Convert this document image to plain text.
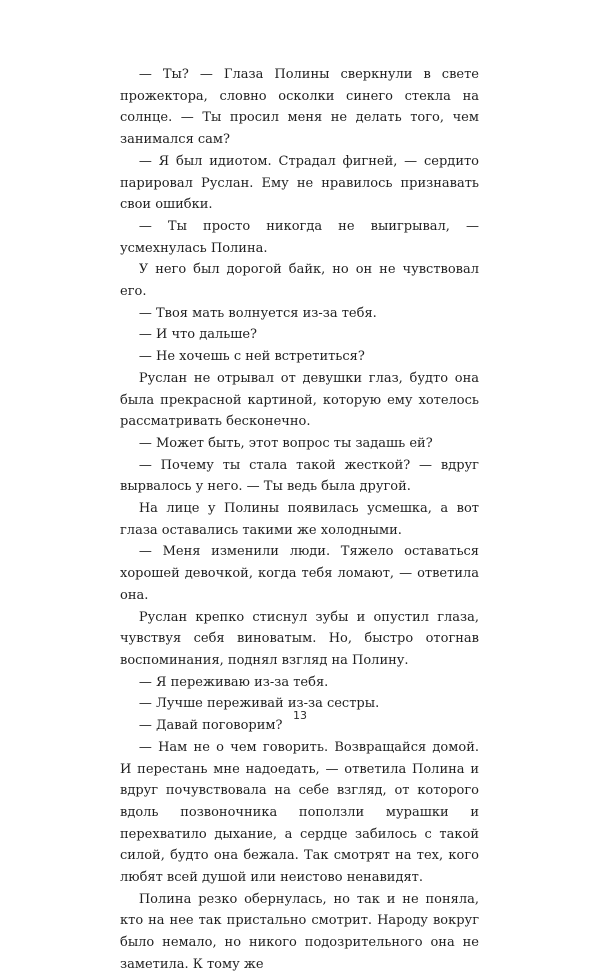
— Ты? — Глаза Полины сверкнули в свете прожектора, словно осколки синего стекла на солнце. — Ты просил меня не делать того, чем занимался сам?

— Я был идиотом. Страдал фигней, — сердито парировал Руслан. Ему не нравилось признавать свои ошибки.

— Ты просто никогда не выигрывал, — усмехнулась Полина.

У него был дорогой байк, но он не чувствовал его.

— Твоя мать волнуется из-за тебя.

— И что дальше?

— Не хочешь с ней встретиться?

Руслан не отрывал от девушки глаз, будто она была прекрасной картиной, которую ему хотелось рассматривать бесконечно.

— Может быть, этот вопрос ты задашь ей?

— Почему ты стала такой жесткой? — вдруг вырвалось у него. — Ты ведь была другой.

На лице у Полины появилась усмешка, а вот глаза оставались такими же холодными.

— Меня изменили люди. Тяжело оставаться хорошей девочкой, когда тебя ломают, — ответила она.

Руслан крепко стиснул зубы и опустил глаза, чувствуя себя виноватым. Но, быстро отогнав воспоминания, поднял взгляд на Полину.

— Я переживаю из-за тебя.

— Лучше переживай из-за сестры.

— Давай поговорим?

— Нам не о чем говорить. Возвращайся домой. И перестань мне надоедать, — ответила Полина и вдруг почувствовала на себе взгляд, от которого вдоль позвоночника поползли мурашки и перехватило дыхание, а сердце забилось с такой силой, будто она бежала. Так смотрят на тех, кого любят всей душой или неистово ненавидят.

Полина резко обернулась, но так и не поняла, кто на нее так пристально смотрит. Народу вокруг было немало, но никого подозрительного она не заметила. К тому же

13
